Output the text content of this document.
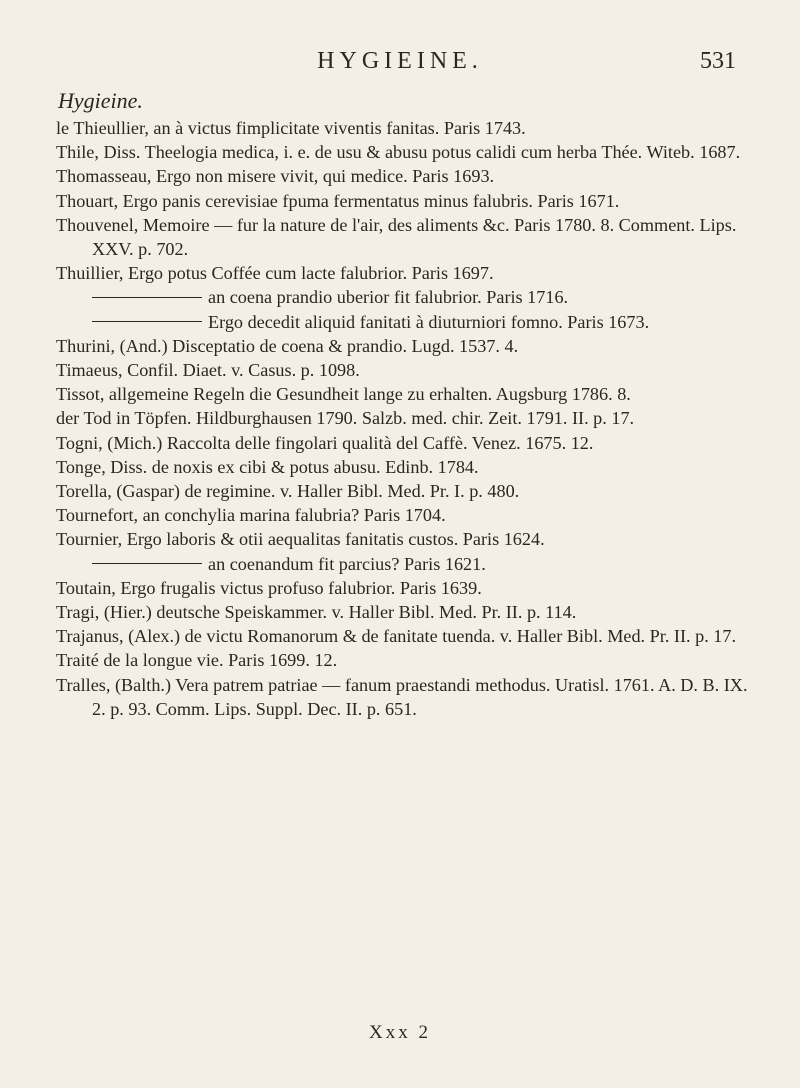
HYGIEINE.	531
Hygieine.

le Thieullier, an à victus fimplicitate viventis fanitas. Paris 1743.

Thile, Diss. Theelogia medica, i. e. de usu & abusu potus calidi cum herba Thée. Witeb. 1687.

Thomasseau, Ergo non misere vivit, qui medice. Paris 1693.

Thouart, Ergo panis cerevisiae fpuma fermentatus minus falubris. Paris 1671.

Thouvenel, Memoire — fur la nature de l'air, des aliments &c. Paris 1780. 8. Comment. Lips. XXV. p. 702.

Thuillier, Ergo potus Coffée cum lacte falubrior. Paris 1697.

an coena prandio uberior fit falubrior. Paris 1716.

Ergo decedit aliquid fanitati à diuturniori fomno. Paris 1673.

Thurini, (And.) Disceptatio de coena & prandio. Lugd. 1537. 4.

Timaeus, Confil. Diaet. v. Casus. p. 1098.

Tissot, allgemeine Regeln die Gesundheit lange zu erhalten. Augsburg 1786. 8.

der Tod in Töpfen. Hildburghausen 1790. Salzb. med. chir. Zeit. 1791. II. p. 17.

Togni, (Mich.) Raccolta delle fingolari qualità del Caffè. Venez. 1675. 12.

Tonge, Diss. de noxis ex cibi & potus abusu. Edinb. 1784.

Torella, (Gaspar) de regimine. v. Haller Bibl. Med. Pr. I. p. 480.

Tournefort, an conchylia marina falubria? Paris 1704.

Tournier, Ergo laboris & otii aequalitas fanitatis custos. Paris 1624.

an coenandum fit parcius? Paris 1621.

Toutain, Ergo frugalis victus profuso falubrior. Paris 1639.

Tragi, (Hier.) deutsche Speiskammer. v. Haller Bibl. Med. Pr. II. p. 114.

Trajanus, (Alex.) de victu Romanorum & de fanitate tuenda. v. Haller Bibl. Med. Pr. II. p. 17.

Traité de la longue vie. Paris 1699. 12.

Tralles, (Balth.) Vera patrem patriae — fanum praestandi methodus. Uratisl. 1761. A. D. B. IX. 2. p. 93. Comm. Lips. Suppl. Dec. II. p. 651.

Xxx 2
